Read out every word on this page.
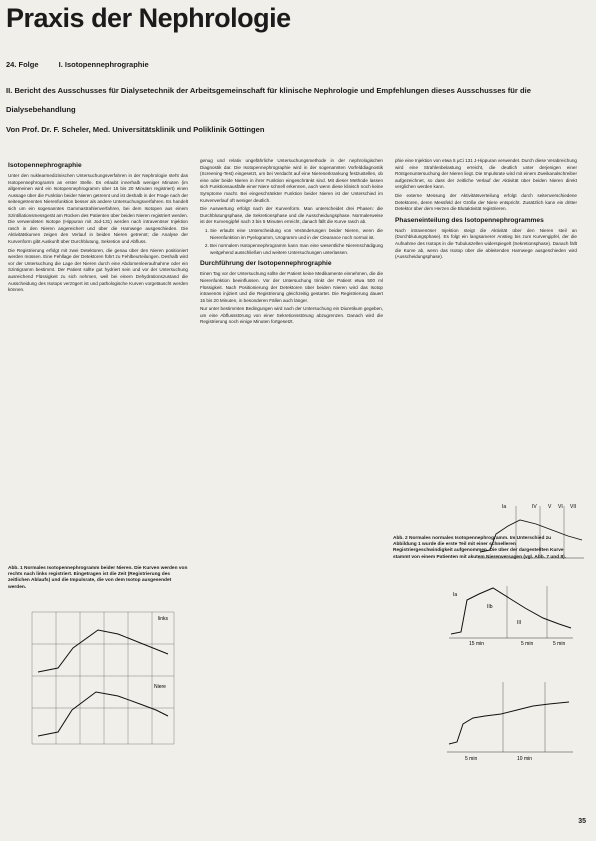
Praxis der Nephrologie
24. Folge	I. Isotopennephrographie

II. Bericht des Ausschusses für Dialysetechnik der Arbeitsgemeinschaft für klinische Nephrologie und Empfehlungen dieses Ausschusses für die Dialysebehandlung

Von Prof. Dr. F. Scheler, Med. Universitätsklinik und Poliklinik Göttingen
Isotopennephrographie

Unter den nuklearmedizinischen Untersuchungsverfahren in der Nephrologie steht das Isotopennephrogramm an erster Stelle. Es erlaubt innerhalb weniger Minuten (im allgemeinen wird ein Isotopennephrogramm über 15 bis 20 Minuten registriert) einen Aussage über die Funktion beider Nieren getrennt und ist deshalb in der Frage nach der seitengetrennten Nierenfunktion besser als andere Untersuchungsverfahren. Es handelt sich um ein sogenanntes Gammastrahlenverfahren, bei dem Isotopen aus einem Szintillationsmessgerät am Rücken des Patienten über beiden Nieren registriert werden. Die verwendeten Isotope (Hippuran mit Jod-131) werden nach intravenöser Injektion rasch in den Nieren angereichert und über die Harnwege ausgeschieden. Die Aktivitätskurven zeigen den Verlauf in beiden Nieren getrennt; die Analyse der Kurvenform gibt Auskunft über Durchblutung, Sekretion und Abfluss.

Die Registrierung erfolgt mit zwei Detektoren, die genau über den Nieren positioniert werden müssen. Eine Fehllage der Detektoren führt zu Fehlbeurteilungen. Deshalb wird vor der Untersuchung die Lage der Nieren durch eine Abdomenleeraufnahme oder ein Szintigramm bestimmt. Der Patient sollte gut hydriert sein und vor der Untersuchung ausreichend Flüssigkeit zu sich nehmen, weil bei einem Dehydrationszustand die Ausscheidung des Isotops verzögert ist und pathologische Kurven vorgetäuscht werden können.

Abb. 1 Normales Isotopennephrogramm beider Nieren. Die Kurven werden von rechts nach links registriert. Eingetragen ist die Zeit (Registrierung des zeitlichen Ablaufs) und die Impulsrate, die von dem Isotop ausgesendet werden.
links
Niere

genug und relativ ungefährliche Untersuchungsmethode in der nephrologischen Diagnostik dar. Die Isotopennephrographie wird in der sogenannten Vorfelddiagnostik (Screening-Test) eingesetzt, um bei Verdacht auf eine Nierenerkrankung festzustellen, ob eine oder beide Nieren in ihrer Funktion eingeschränkt sind. Mit dieser Methode lassen sich Funktionsausfälle einer Niere schnell erkennen, auch wenn diese klinisch noch keine Symptome macht. Bei eingeschränkter Funktion beider Nieren ist der Unterschied im Kurvenverlauf oft weniger deutlich.

Die Auswertung erfolgt nach der Kurvenform. Man unterscheidet drei Phasen: die Durchblutungsphase, die Sekretionsphase und die Ausscheidungsphase. Normalerweise ist der Kurvengipfel nach 3 bis 5 Minuten erreicht, danach fällt die Kurve rasch ab.

1. Sie erlaubt eine Unterscheidung von Veränderungen beider Nieren, wenn die Nierenfunktion im Pyelogramm, Urogramm und in der Clearance noch normal ist.
2. Bei normalem Isotopennephrogramm kann man eine wesentliche Nierenschädigung weitgehend ausschließen und weitere Untersuchungen unterlassen.
Durchführung der Isotopennephrographie

Einen Tag vor der Untersuchung sollte der Patient keine Medikamente einnehmen, die die Nierenfunktion beeinflussen. Vor der Untersuchung trinkt der Patient etwa 500 ml Flüssigkeit. Nach Positionierung der Detektoren über beiden Nieren wird das Isotop intravenös injiziert und die Registrierung gleichzeitig gestartet. Die Registrierung dauert 15 bis 20 Minuten, in besonderen Fällen auch länger.

Nur unter bestimmten Bedingungen wird nach der Untersuchung ein Diuretikum gegeben, um eine Abflussstörung von einer Sekretionsstörung abzugrenzen. Danach wird die Registrierung noch einige Minuten fortgesetzt.

phie eine Injektion von etwa 5 µCi 131 J-Hippuran verwendet. Durch diese Verabreichung wird eine Strahlenbelastung erreicht, die deutlich unter derjenigen einer Röntgenuntersuchung der Nieren liegt. Die Impulsrate wird mit einem Zweikanalschreiber aufgezeichnet, so dass der zeitliche Verlauf der Aktivität über beiden Nieren direkt verglichen werden kann.

Die externe Messung der Aktivitätsverteilung erfolgt durch seitenverschiedene Detektoren, deren Messfeld der Größe der Niere entspricht. Zusätzlich kann ein dritter Detektor über dem Herzen die Blutaktivität registrieren.

Phaseneinteilung des Isotopennephrogrammes

Nach intravenöser Injektion steigt die Aktivität über den Nieren steil an (Durchblutungsphase). Es folgt ein langsamerer Anstieg bis zum Kurvengipfel, der die Aufnahme des Isotops in die Tubuluszellen widerspiegelt (Sekretionsphase). Danach fällt die Kurve ab, wenn das Isotop über die ableitenden Harnwege ausgeschieden wird (Ausscheidungsphase).

Abb. 2 Normales normales Isotopennephrogramm. Im Unterschied zu Abbildung 1 wurde die erste Teil mit einer schnelleren Registriergeschwindigkeit aufgenommen. Die über der dargestellten Kurve stammt von einem Patienten mit akutem Nierenversagen (vgl. Abb. 7 und 8).
Ia	IV V VI VII
Ia
IIb
III
15 min	5 min	5 min
5 min	10 min
35
